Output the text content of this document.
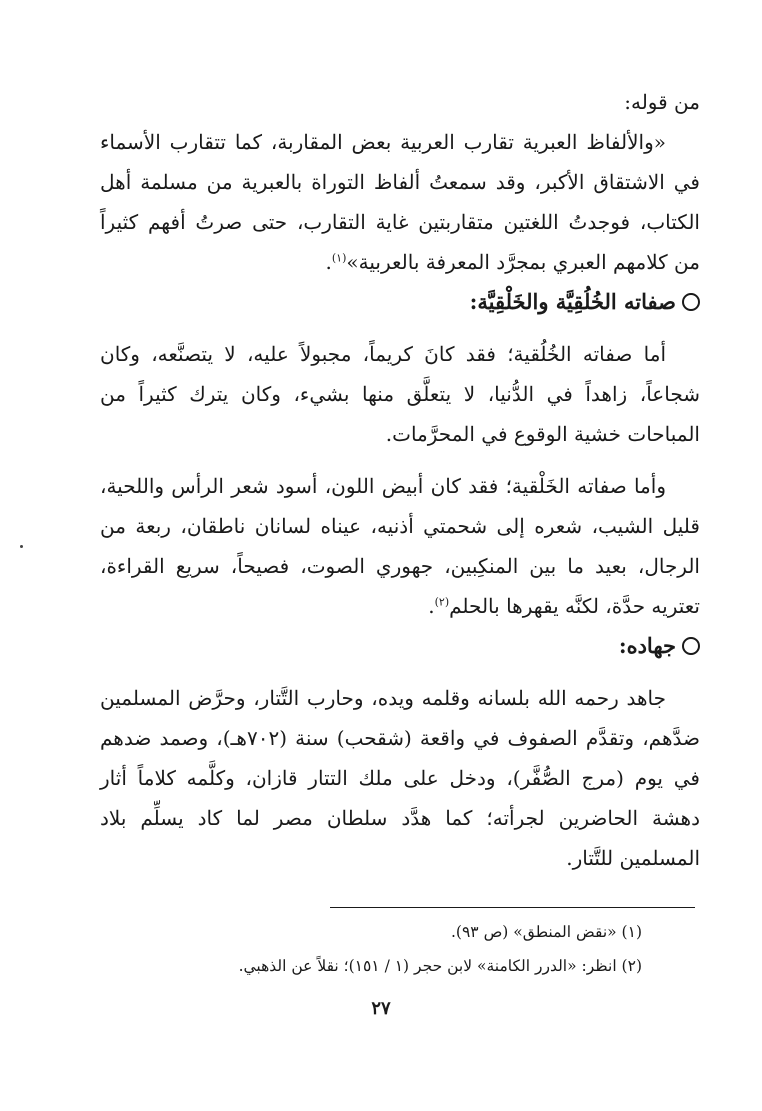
من قوله:

«والألفاظ العبرية تقارب العربية بعض المقاربة، كما تتقارب الأسماء في الاشتقاق الأكبر، وقد سمعتُ ألفاظ التوراة بالعبرية من مسلمة أهل الكتاب، فوجدتُ اللغتين متقاربتين غاية التقارب، حتى صرتُ أفهم كثيراً من كلامهم العبري بمجرَّد المعرفة بالعربية»$^{(١)}$.

صفاته الخُلُقِيَّة والخَلْقِيَّة:

أما صفاته الخُلُقية؛ فقد كانَ كريماً، مجبولاً عليه، لا يتصنَّعه، وكان شجاعاً، زاهداً في الدُّنيا، لا يتعلَّق منها بشيء، وكان يترك كثيراً من المباحات خشية الوقوع في المحرَّمات.

وأما صفاته الخَلْقية؛ فقد كان أبيض اللون، أسود شعر الرأس واللحية، قليل الشيب، شعره إلى شحمتي أذنيه، عيناه لسانان ناطقان، ربعة من الرجال، بعيد ما بين المنكِبين، جهوري الصوت، فصيحاً، سريع القراءة، تعتريه حدَّة، لكنَّه يقهرها بالحلم$^{(٢)}$.

جهاده:

جاهد رحمه الله بلسانه وقلمه ويده، وحارب التَّتار، وحرَّض المسلمين ضدَّهم، وتقدَّم الصفوف في واقعة (شقحب) سنة (٧٠٢هـ)، وصمد ضدهم في يوم (مرج الصُّفَّر)، ودخل على ملك التتار قازان، وكلَّمه كلاماً أثار دهشة الحاضرين لجرأته؛ كما هدَّد سلطان مصر لما كاد يسلِّم بلاد المسلمين للتَّتار.

(١) «نقض المنطق» (ص ٩٣).

(٢) انظر: «الدرر الكامنة» لابن حجر (١ / ١٥١)؛ نقلاً عن الذهبي.

٢٧
